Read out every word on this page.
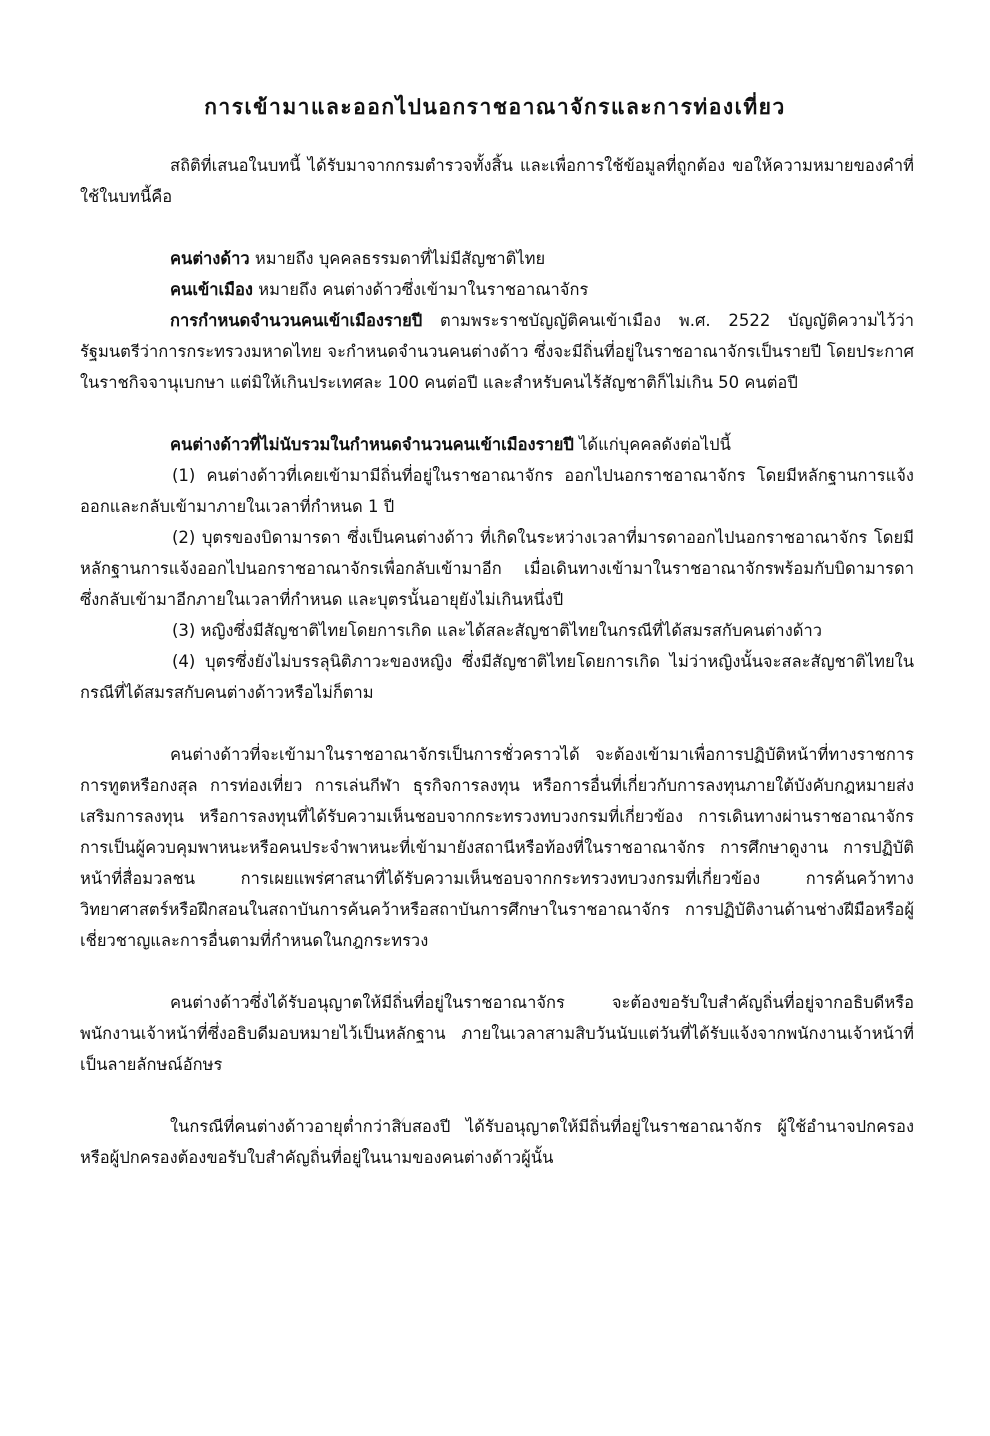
การเข้ามาและออกไปนอกราชอาณาจักรและการท่องเที่ยว

สถิติที่เสนอในบทนี้ ได้รับมาจากกรมตำรวจทั้งสิ้น และเพื่อการใช้ข้อมูลที่ถูกต้อง ขอให้ความหมายของคำที่ใช้ในบทนี้คือ

คนต่างด้าว หมายถึง บุคคลธรรมดาที่ไม่มีสัญชาติไทย

คนเข้าเมือง หมายถึง คนต่างด้าวซึ่งเข้ามาในราชอาณาจักร

การกำหนดจำนวนคนเข้าเมืองรายปี ตามพระราชบัญญัติคนเข้าเมือง พ.ศ. 2522 บัญญัติความไว้ว่า รัฐมนตรีว่าการกระทรวงมหาดไทย จะกำหนดจำนวนคนต่างด้าว ซึ่งจะมีถิ่นที่อยู่ในราชอาณาจักรเป็นรายปี โดยประกาศในราชกิจจานุเบกษา แต่มิให้เกินประเทศละ 100 คนต่อปี และสำหรับคนไร้สัญชาติก็ไม่เกิน 50 คนต่อปี

คนต่างด้าวที่ไม่นับรวมในกำหนดจำนวนคนเข้าเมืองรายปี ได้แก่บุคคลดังต่อไปนี้

(1) คนต่างด้าวที่เคยเข้ามามีถิ่นที่อยู่ในราชอาณาจักร ออกไปนอกราชอาณาจักร โดยมีหลักฐานการแจ้งออกและกลับเข้ามาภายในเวลาที่กำหนด 1 ปี

(2) บุตรของบิดามารดา ซึ่งเป็นคนต่างด้าว ที่เกิดในระหว่างเวลาที่มารดาออกไปนอกราชอาณาจักร โดยมีหลักฐานการแจ้งออกไปนอกราชอาณาจักรเพื่อกลับเข้ามาอีก เมื่อเดินทางเข้ามาในราชอาณาจักรพร้อมกับบิดามารดาซึ่งกลับเข้ามาอีกภายในเวลาที่กำหนด และบุตรนั้นอายุยังไม่เกินหนึ่งปี

(3) หญิงซึ่งมีสัญชาติไทยโดยการเกิด และได้สละสัญชาติไทยในกรณีที่ได้สมรสกับคนต่างด้าว

(4) บุตรซึ่งยังไม่บรรลุนิติภาวะของหญิง ซึ่งมีสัญชาติไทยโดยการเกิด ไม่ว่าหญิงนั้นจะสละสัญชาติไทยในกรณีที่ได้สมรสกับคนต่างด้าวหรือไม่ก็ตาม

คนต่างด้าวที่จะเข้ามาในราชอาณาจักรเป็นการชั่วคราวได้ จะต้องเข้ามาเพื่อการปฏิบัติหน้าที่ทางราชการการทูตหรือกงสุล การท่องเที่ยว การเล่นกีฬา ธุรกิจการลงทุน หรือการอื่นที่เกี่ยวกับการลงทุนภายใต้บังคับกฎหมายส่งเสริมการลงทุน หรือการลงทุนที่ได้รับความเห็นชอบจากกระทรวงทบวงกรมที่เกี่ยวข้อง การเดินทางผ่านราชอาณาจักร การเป็นผู้ควบคุมพาหนะหรือคนประจำพาหนะที่เข้ามายังสถานีหรือท้องที่ในราชอาณาจักร การศึกษาดูงาน การปฏิบัติหน้าที่สื่อมวลชน การเผยแพร่ศาสนาที่ได้รับความเห็นชอบจากกระทรวงทบวงกรมที่เกี่ยวข้อง การค้นคว้าทางวิทยาศาสตร์หรือฝึกสอนในสถาบันการค้นคว้าหรือสถาบันการศึกษาในราชอาณาจักร การปฏิบัติงานด้านช่างฝีมือหรือผู้เชี่ยวชาญและการอื่นตามที่กำหนดในกฎกระทรวง

คนต่างด้าวซึ่งได้รับอนุญาตให้มีถิ่นที่อยู่ในราชอาณาจักร จะต้องขอรับใบสำคัญถิ่นที่อยู่จากอธิบดีหรือพนักงานเจ้าหน้าที่ซึ่งอธิบดีมอบหมายไว้เป็นหลักฐาน ภายในเวลาสามสิบวันนับแต่วันที่ได้รับแจ้งจากพนักงานเจ้าหน้าที่เป็นลายลักษณ์อักษร

ในกรณีที่คนต่างด้าวอายุต่ำกว่าสิบสองปี ได้รับอนุญาตให้มีถิ่นที่อยู่ในราชอาณาจักร ผู้ใช้อำนาจปกครอง หรือผู้ปกครองต้องขอรับใบสำคัญถิ่นที่อยู่ในนามของคนต่างด้าวผู้นั้น
